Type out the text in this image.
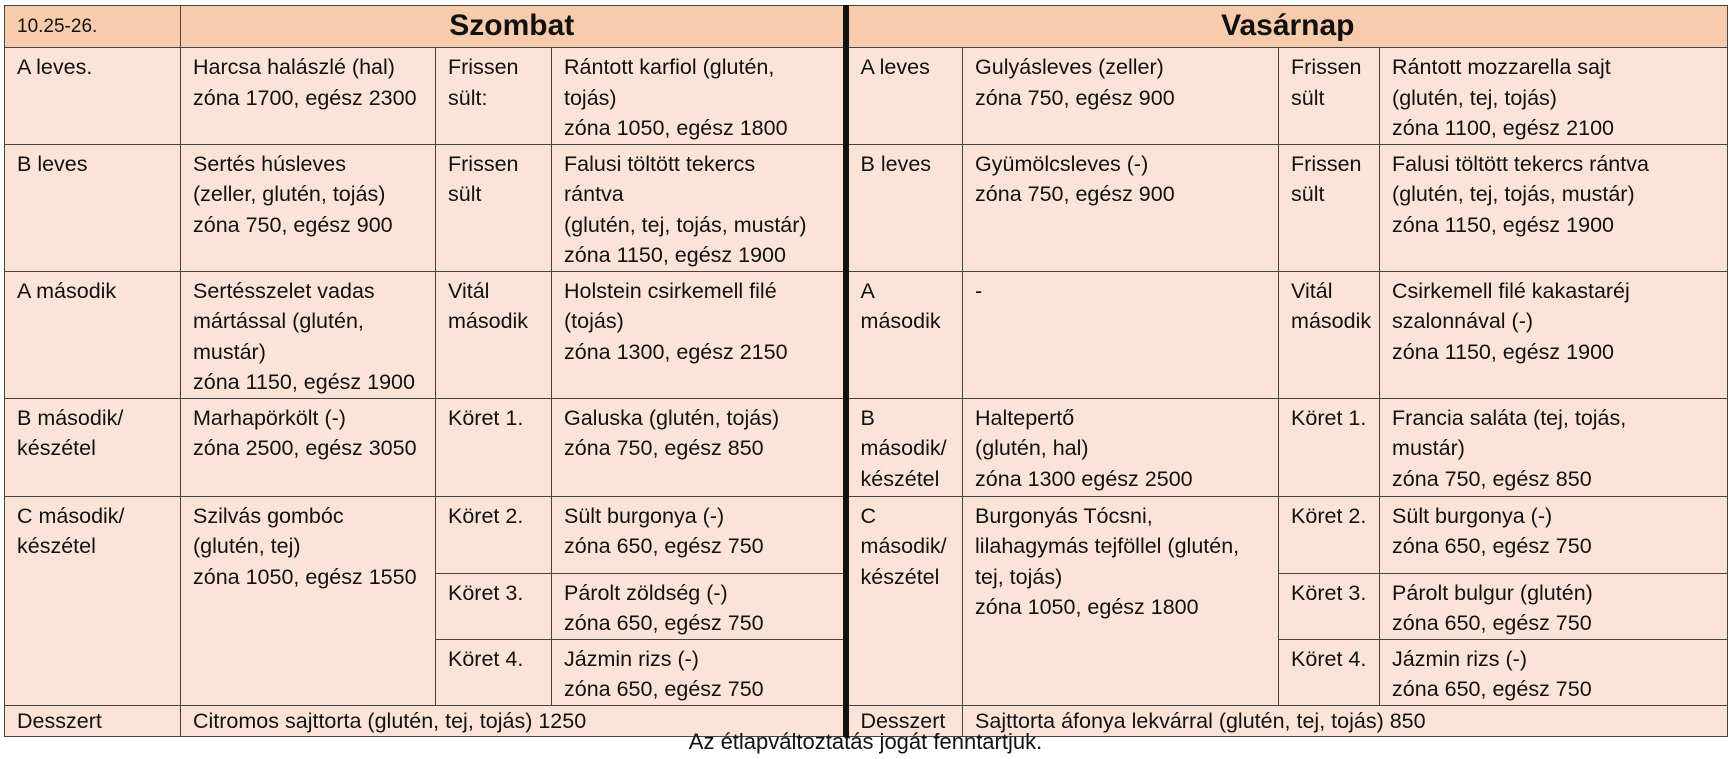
10.25-26.	Szombat			Vasárnap			
A leves.	Harcsa halászlé (hal)
zóna 1700, egész 2300	Frissen
sült:	Rántott karfiol (glutén,
tojás)
zóna 1050, egész 1800	A leves	Gulyásleves (zeller)
zóna 750, egész 900	Frissen
sült	Rántott mozzarella sajt
(glutén, tej, tojás)
zóna 1100, egész 2100
B leves	Sertés húsleves
(zeller, glutén, tojás)
zóna 750, egész 900	Frissen
sült	Falusi töltött tekercs
rántva
(glutén, tej, tojás, mustár)
zóna 1150, egész 1900	B leves	Gyümölcsleves (-)
zóna 750, egész 900	Frissen
sült	Falusi töltött tekercs rántva
(glutén, tej, tojás, mustár)
zóna 1150, egész 1900
A második	Sertésszelet vadas
mártással (glutén,
mustár)
zóna 1150, egész 1900	Vitál
második	Holstein csirkemell filé
(tojás)
zóna 1300, egész 2150	A
második	-	Vitál
második	Csirkemell filé kakastaréj
szalonnával (-)
zóna 1150, egész 1900
B második/
készétel	Marhapörkölt (-)
zóna 2500, egész 3050	Köret 1.	Galuska (glutén, tojás)
zóna 750, egész 850	B
második/
készétel	Haltepertő
(glutén, hal)
zóna 1300 egész 2500	Köret 1.	Francia saláta (tej, tojás,
mustár)
zóna 750, egész 850
C második/
készétel	Szilvás gombóc
(glutén, tej)
zóna 1050, egész 1550	Köret 2.	Sült burgonya (-)
zóna 650, egész 750	C
második/
készétel	Burgonyás Tócsni,
lilahagymás tejföllel (glutén,
tej, tojás)
zóna 1050, egész 1800	Köret 2.	Sült burgonya (-)
zóna 650, egész 750
		Köret 3.	Párolt zöldség (-)
zóna 650, egész 750			Köret 3.	Párolt bulgur (glutén)
zóna 650, egész 750
		Köret 4.	Jázmin rizs (-)
zóna 650, egész 750			Köret 4.	Jázmin rizs (-)
zóna 650, egész 750
Desszert	Citromos sajttorta (glutén, tej, tojás) 1250			Desszert	Sajttorta áfonya lekvárral (glutén, tej, tojás) 850		
Az étlapváltoztatás jogát fenntartjuk.
